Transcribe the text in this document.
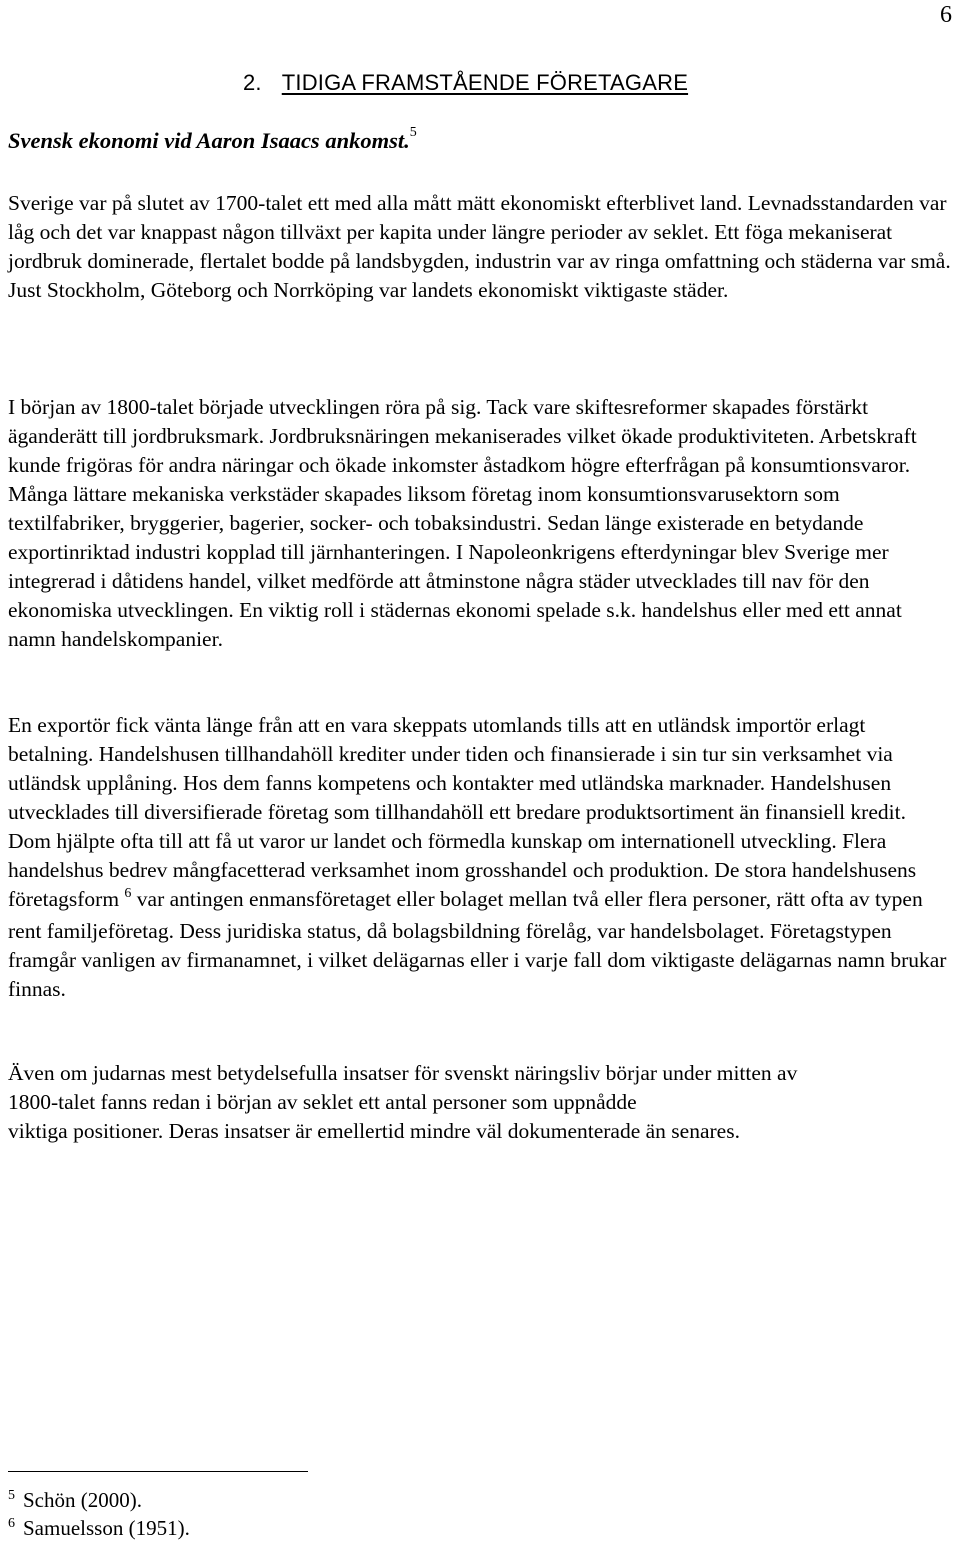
6
2. TIDIGA FRAMSTÅENDE FÖRETAGARE
Svensk ekonomi vid Aaron Isaacs ankomst.$^5$

Sverige var på slutet av 1700-talet ett med alla mått mätt ekonomiskt efterblivet land. Levnadsstandarden var låg och det var knappast någon tillväxt per kapita under längre perioder av seklet. Ett föga mekaniserat jordbruk dominerade, flertalet bodde på landsbygden, industrin var av ringa omfattning och städerna var små. Just Stockholm, Göteborg och Norrköping var landets ekonomiskt viktigaste städer.

I början av 1800-talet började utvecklingen röra på sig. Tack vare skiftesreformer skapades förstärkt äganderätt till jordbruksmark. Jordbruksnäringen mekaniserades vilket ökade produktiviteten. Arbetskraft kunde frigöras för andra näringar och ökade inkomster åstadkom högre efterfrågan på konsumtionsvaror. Många lättare mekaniska verkstäder skapades liksom företag inom konsumtionsvarusektorn som textilfabriker, bryggerier, bagerier, socker- och tobaksindustri. Sedan länge existerade en betydande exportinriktad industri kopplad till järnhanteringen. I Napoleonkrigens efterdyningar blev Sverige mer integrerad i dåtidens handel, vilket medförde att åtminstone några städer utvecklades till nav för den ekonomiska utvecklingen. En viktig roll i städernas ekonomi spelade s.k. handelshus eller med ett annat namn handelskompanier.

En exportör fick vänta länge från att en vara skeppats utomlands tills att en utländsk importör erlagt betalning. Handelshusen tillhandahöll krediter under tiden och finansierade i sin tur sin verksamhet via utländsk upplåning. Hos dem fanns kompetens och kontakter med utländska marknader. Handelshusen utvecklades till diversifierade företag som tillhandahöll ett bredare produktsortiment än finansiell kredit. Dom hjälpte ofta till att få ut varor ur landet och förmedla kunskap om internationell utveckling. Flera handelshus bedrev mångfacetterad verksamhet inom grosshandel och produktion. De stora handelshusens företagsform $^6$ var antingen enmansföretaget eller bolaget mellan två eller flera personer, rätt ofta av typen rent familjeföretag. Dess juridiska status, då bolagsbildning förelåg, var handelsbolaget. Företagstypen framgår vanligen av firmanamnet, i vilket delägarnas eller i varje fall dom viktigaste delägarnas namn brukar finnas.

Även om judarnas mest betydelsefulla insatser för svenskt näringsliv börjar under mitten av
1800-talet fanns redan i början av seklet ett antal personer som uppnådde
viktiga positioner. Deras insatser är emellertid mindre väl dokumenterade än senares.

$^5$ Schön (2000).
$^6$ Samuelsson (1951).
